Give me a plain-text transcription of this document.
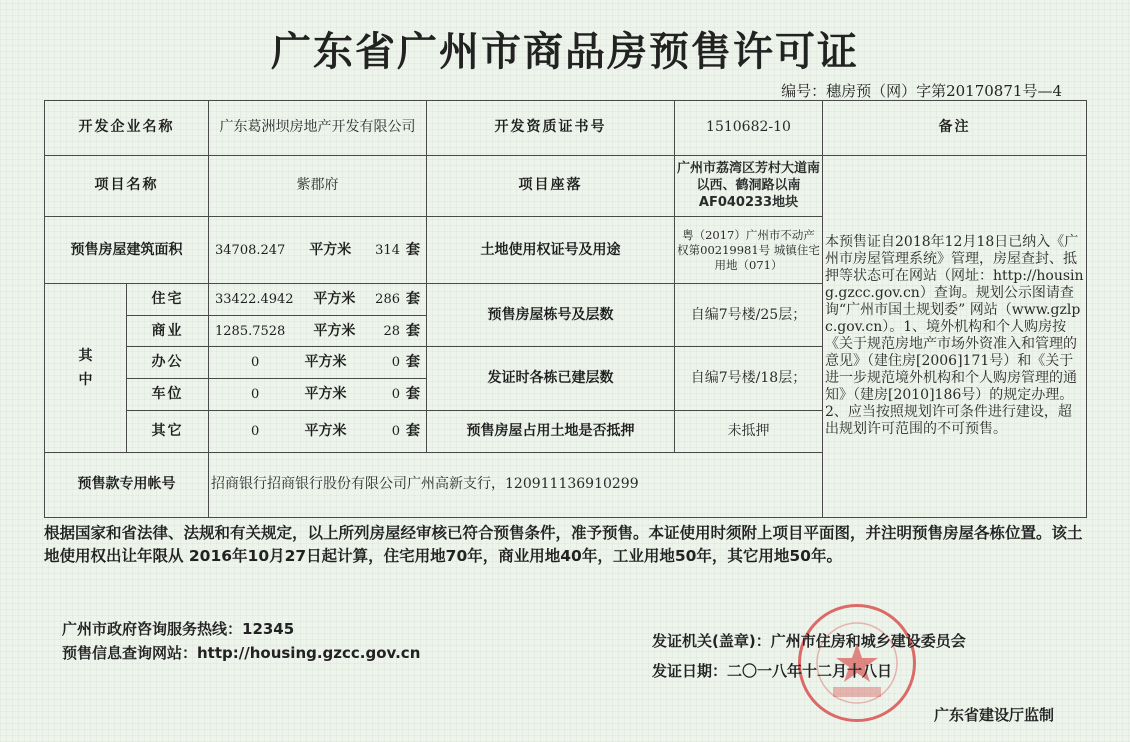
广东省广州市商品房预售许可证
编号：穗房预（网）字第20170871号—4
开发企业名称		广东葛洲坝房地产开发有限公司	开发资质证书号	1510682-10	备注
项目名称		紫郡府	项目座落	广州市荔湾区芳村大道南以西、鹤洞路以南AF040233地块	本预售证自2018年12月18日已纳入《广州市房屋管理系统》管理，房屋查封、抵押等状态可在网站（网址：http://housing.gzcc.gov.cn）查询。规划公示图请查询“广州市国土规划委” 网站（www.gzlpc.gov.cn）。1、境外机构和个人购房按《关于规范房地产市场外资准入和管理的意见》（建住房[2006]171号）和《关于进一步规范境外机构和个人购房管理的通知》（建房[2010]186号）的规定办理。2、应当按照规划许可条件进行建设，超出规划许可范围的不可预售。
预售房屋建筑面积		34708.247 平方米 314 套	土地使用权证号及用途	粤（2017）广州市不动产权第00219981号 城镇住宅用地（071）	
其中	住宅	33422.4942 平方米 286 套	预售房屋栋号及层数	自编7号楼/25层；	
	商业	1285.7528 平方米 28 套			

	办公	0 平方米 0 套	发证时各栋已建层数	自编7号楼/18层；	
	车位	0 平方米 0 套			

	其它	0 平方米 0 套	预售房屋占用土地是否抵押	未抵押	
预售款专用帐号		招商银行招商银行股份有限公司广州高新支行，120911136910299			
根据国家和省法律、法规和有关规定，以上所列房屋经审核已符合预售条件，准予预售。本证使用时须附上项目平面图，并注明预售房屋各栋位置。该土地使用权出让年限从 2016年10月27日起计算，住宅用地70年，商业用地40年，工业用地50年，其它用地50年。
广州市政府咨询服务热线：12345
预售信息查询网站：http://housing.gzcc.gov.cn
发证机关(盖章)：广州市住房和城乡建设委员会
发证日期：二〇一八年十二月十八日
广东省建设厅监制
